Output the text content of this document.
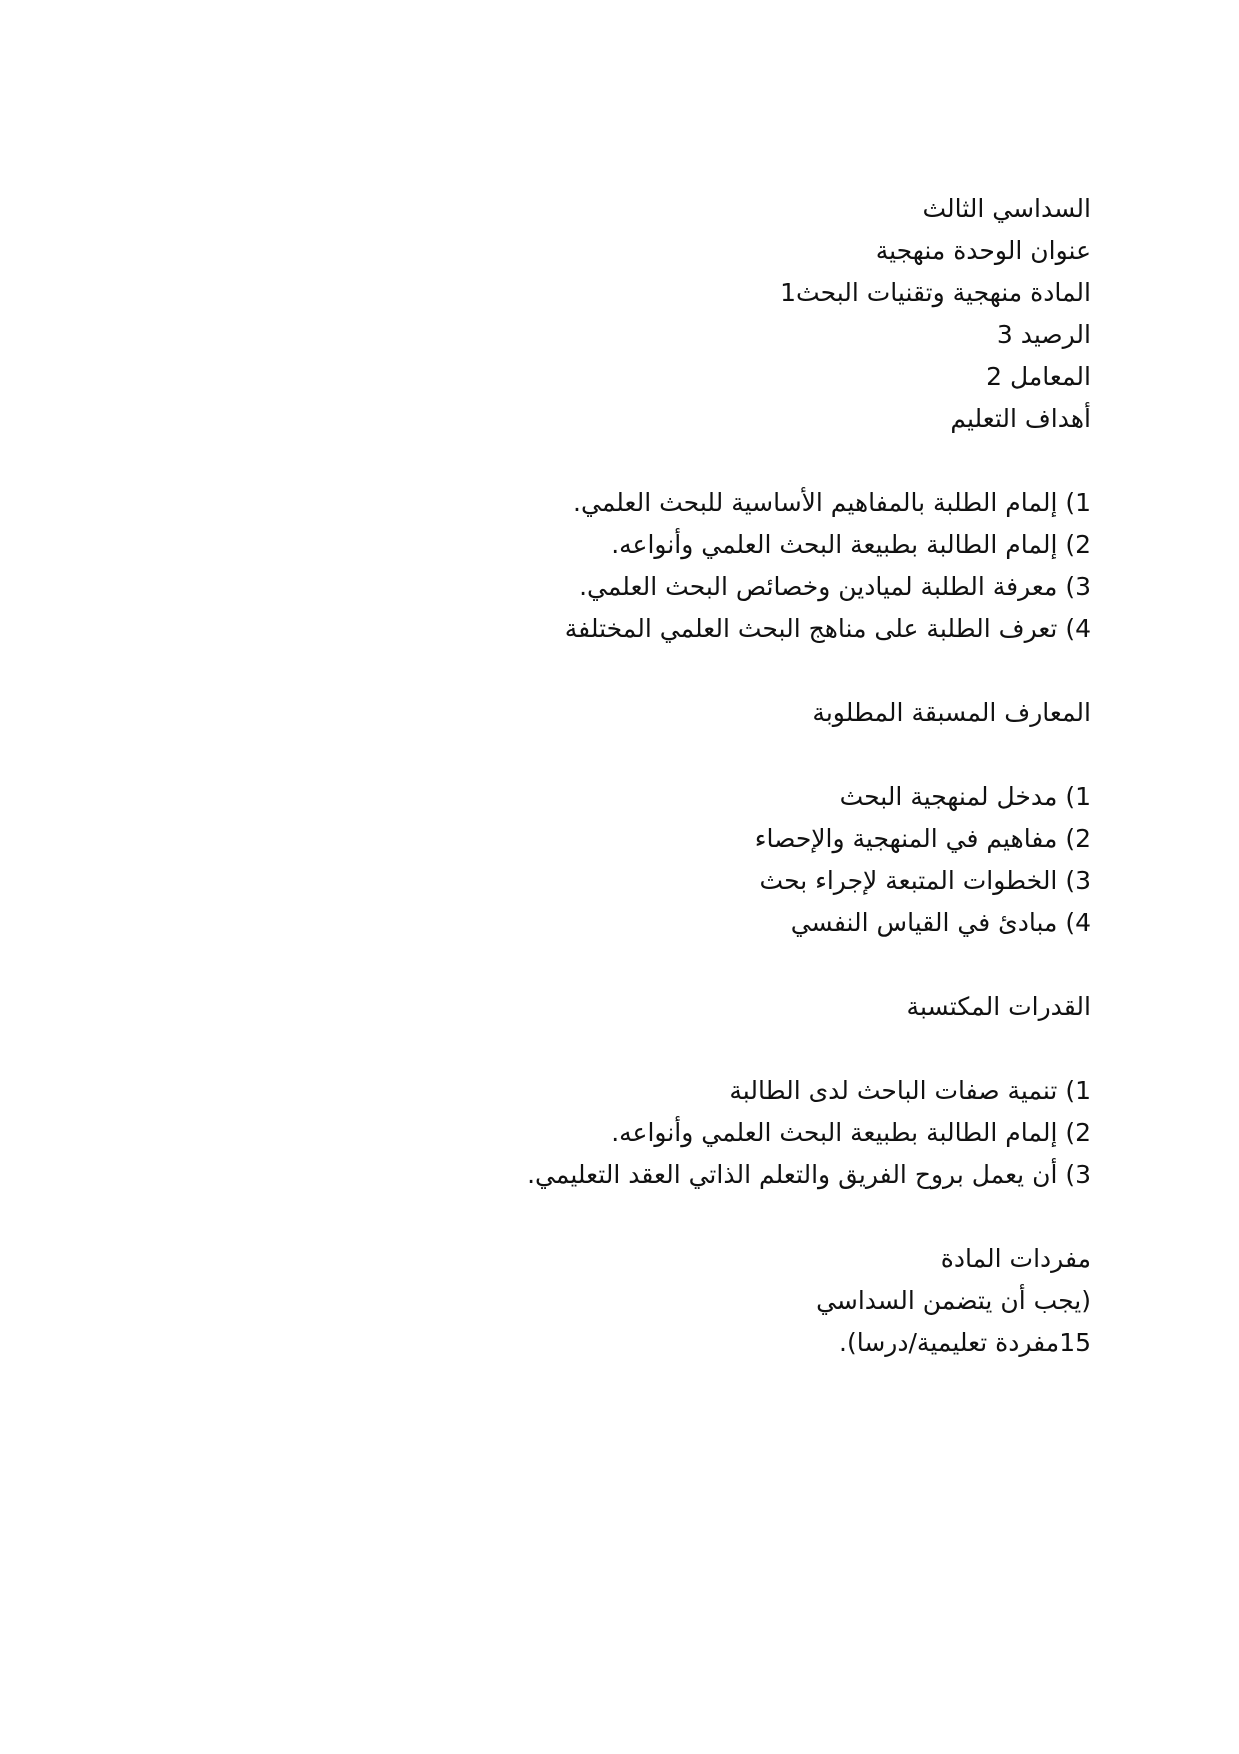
السداسي الثالث

عنوان الوحدة منهجية

المادة منهجية وتقنيات البحث1

الرصيد 3

المعامل 2

أهداف التعليم

1) إلمام الطلبة بالمفاهيم الأساسية للبحث العلمي.

2) إلمام الطالبة بطبيعة البحث العلمي وأنواعه.

3) معرفة الطلبة لميادين وخصائص البحث العلمي.

4) تعرف الطلبة على مناهج البحث العلمي المختلفة

المعارف المسبقة المطلوبة

1) مدخل لمنهجية البحث

2) مفاهيم في المنهجية والإحصاء

3) الخطوات المتبعة لإجراء بحث

4) مبادئ في القياس النفسي

القدرات المكتسبة

1) تنمية صفات الباحث لدى الطالبة

2) إلمام الطالبة بطبيعة البحث العلمي وأنواعه.

3) أن يعمل بروح الفريق والتعلم الذاتي العقد التعليمي.

مفردات المادة

(يجب أن يتضمن السداسي

15مفردة تعليمية/درسا).
